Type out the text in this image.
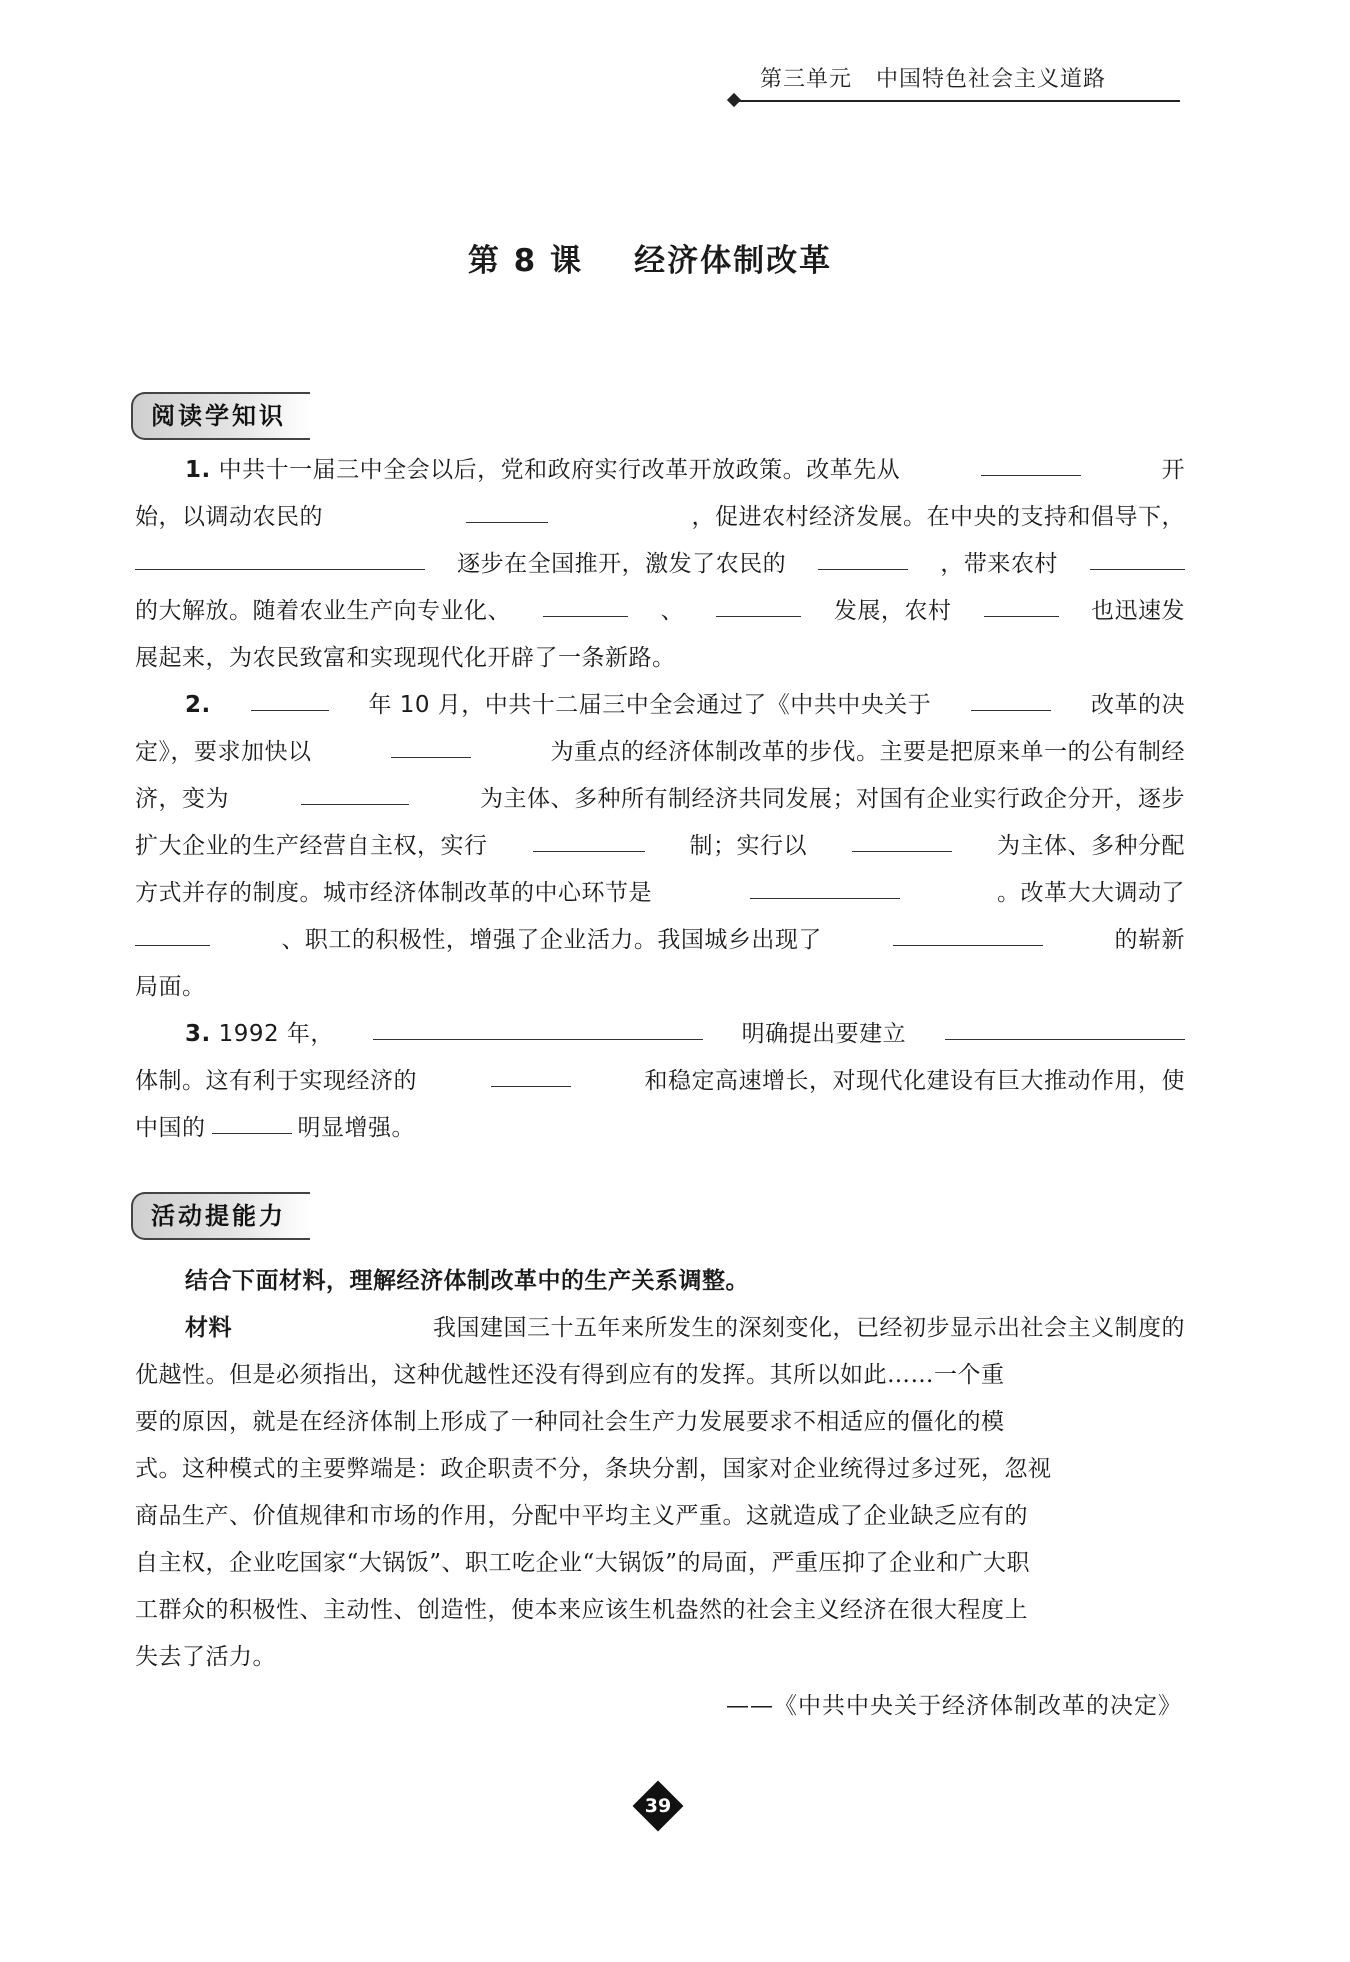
第三单元 中国特色社会主义道路
第 8 课 经济体制改革
阅读学知识
1. 中共十一届三中全会以后，党和政府实行改革开放政策。改革先从	开
始，以调动农民的	，促进农村经济发展。在中央的支持和倡导下，
逐步在全国推开，激发了农民的	，带来农村
的大解放。随着农业生产向专业化、	、	发展，农村	也迅速发
展起来，为农民致富和实现现代化开辟了一条新路。
2.	年 10 月，中共十二届三中全会通过了《中共中央关于	改革的决
定》，要求加快以	为重点的经济体制改革的步伐。主要是把原来单一的公有制经
济，变为	为主体、多种所有制经济共同发展；对国有企业实行政企分开，逐步
扩大企业的生产经营自主权，实行	制；实行以	为主体、多种分配
方式并存的制度。城市经济体制改革的中心环节是	。改革大大调动了
、职工的积极性，增强了企业活力。我国城乡出现了	的崭新
局面。
3. 1992 年，	明确提出要建立
体制。这有利于实现经济的	和稳定高速增长，对现代化建设有巨大推动作用，使
中国的	明显增强。
活动提能力
结合下面材料，理解经济体制改革中的生产关系调整。
材料	我国建国三十五年来所发生的深刻变化，已经初步显示出社会主义制度的
优越性。但是必须指出，这种优越性还没有得到应有的发挥。其所以如此……一个重
要的原因，就是在经济体制上形成了一种同社会生产力发展要求不相适应的僵化的模
式。这种模式的主要弊端是：政企职责不分，条块分割，国家对企业统得过多过死，忽视
商品生产、价值规律和市场的作用，分配中平均主义严重。这就造成了企业缺乏应有的
自主权，企业吃国家“大锅饭”、职工吃企业“大锅饭”的局面，严重压抑了企业和广大职
工群众的积极性、主动性、创造性，使本来应该生机盎然的社会主义经济在很大程度上
失去了活力。
——《中共中央关于经济体制改革的决定》
39
